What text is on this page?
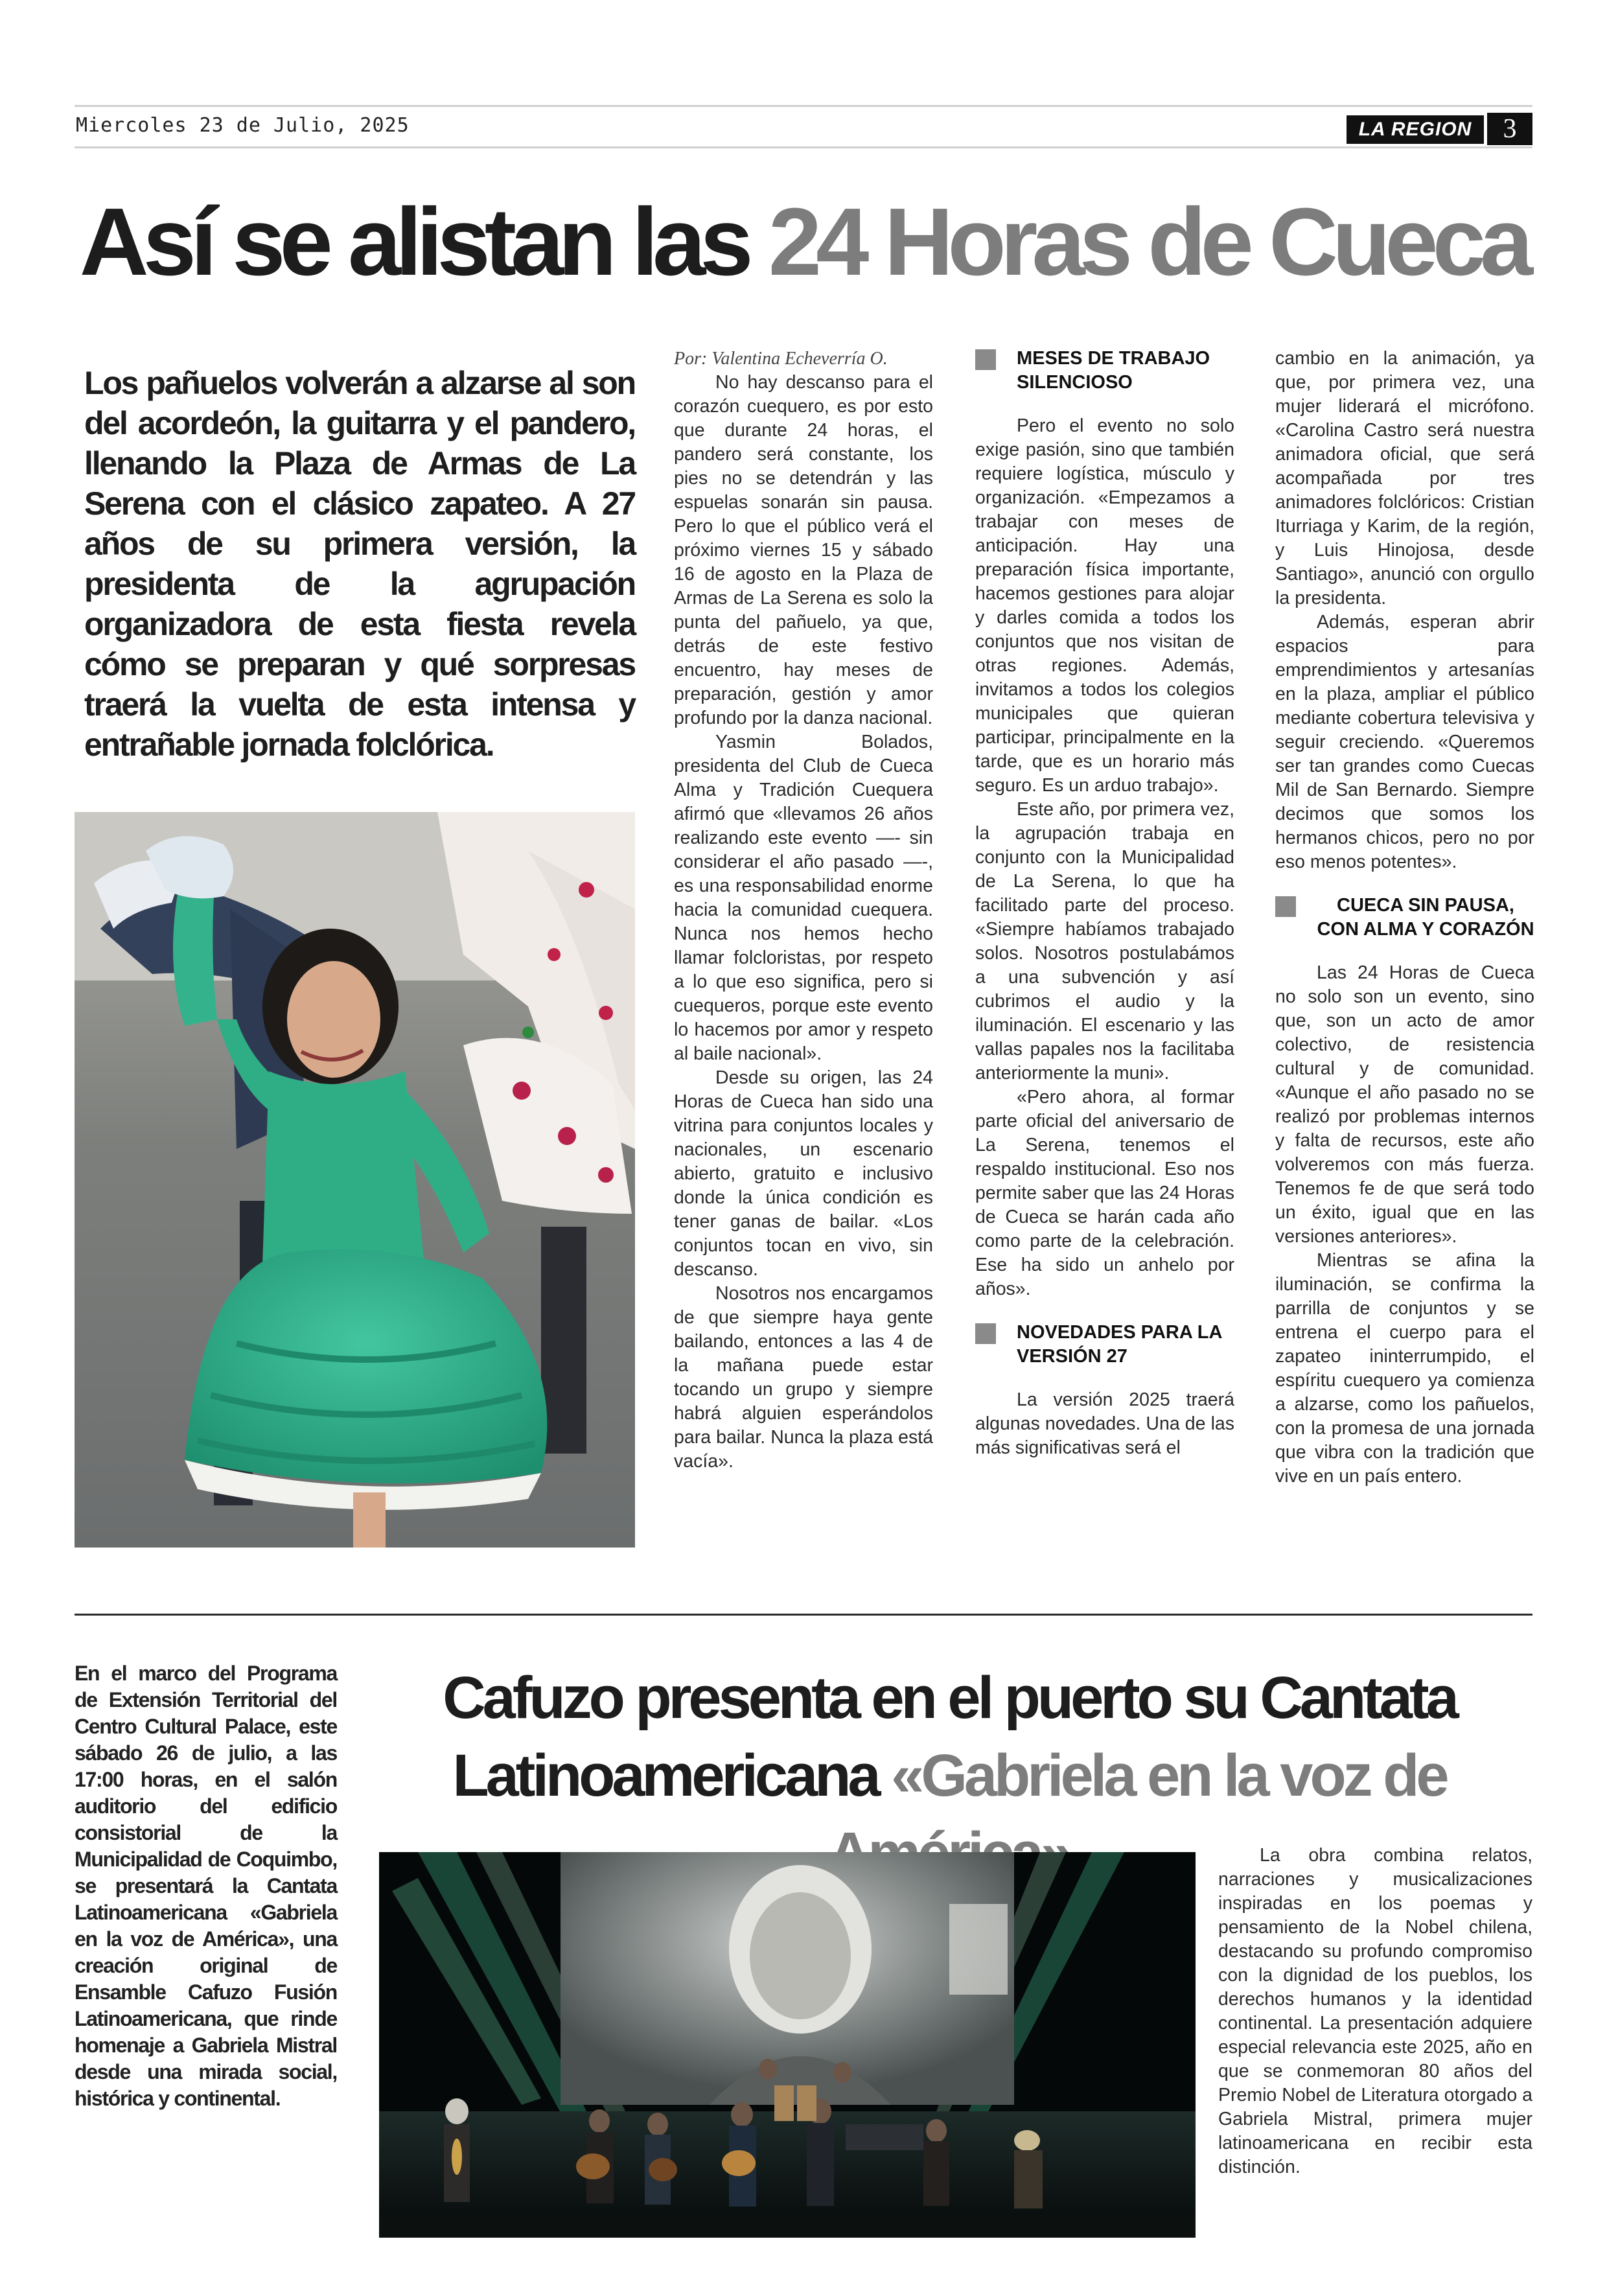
Miercoles 23 de Julio, 2025	LA REGION	3
Así se alistan las 24 Horas de Cueca
Los pañuelos volverán a alzarse al son del acordeón, la guitarra y el pandero, llenando la Plaza de Armas de La Serena con el clásico zapateo. A 27 años de su primera versión, la presidenta de la agrupación organizadora de esta fiesta revela cómo se preparan y qué sorpresas traerá la vuelta de esta intensa y entrañable jornada folclórica.

Por: Valentina Echeverría O.

No hay descanso para el corazón cuequero, es por esto que durante 24 horas, el pandero será constante, los pies no se detendrán y las espuelas sonarán sin pausa. Pero lo que el público verá el próximo viernes 15 y sábado 16 de agosto en la Plaza de Armas de La Serena es solo la punta del pañuelo, ya que, detrás de este festivo encuentro, hay meses de preparación, gestión y amor profundo por la danza nacional.

Yasmin Bolados, presidenta del Club de Cueca Alma y Tradición Cuequera afirmó que «llevamos 26 años realizando este evento —- sin considerar el año pasado —-, es una responsabilidad enorme hacia la comunidad cuequera. Nunca nos hemos hecho llamar folcloristas, por respeto a lo que eso significa, pero si cuequeros, porque este evento lo hacemos por amor y respeto al baile nacional».

Desde su origen, las 24 Horas de Cueca han sido una vitrina para conjuntos locales y nacionales, un escenario abierto, gratuito e inclusivo donde la única condición es tener ganas de bailar. «Los conjuntos tocan en vivo, sin descanso.

Nosotros nos encargamos de que siempre haya gente bailando, entonces a las 4 de la mañana puede estar tocando un grupo y siempre habrá alguien esperándolos para bailar. Nunca la plaza está vacía».

MESES DE TRABAJO SILENCIOSO

Pero el evento no solo exige pasión, sino que también requiere logística, músculo y organización. «Empezamos a trabajar con meses de anticipación. Hay una preparación física importante, hacemos gestiones para alojar y darles comida a todos los conjuntos que nos visitan de otras regiones. Además, invitamos a todos los colegios municipales que quieran participar, principalmente en la tarde, que es un horario más seguro. Es un arduo trabajo».

Este año, por primera vez, la agrupación trabaja en conjunto con la Municipalidad de La Serena, lo que ha facilitado parte del proceso. «Siempre habíamos trabajado solos. Nosotros postulabámos a una subvención y así cubrimos el audio y la iluminación. El escenario y las vallas papales nos la facilitaba anteriormente la muni».

«Pero ahora, al formar parte oficial del aniversario de La Serena, tenemos el respaldo institucional. Eso nos permite saber que las 24 Horas de Cueca se harán cada año como parte de la celebración. Ese ha sido un anhelo por años».

NOVEDADES PARA LA VERSIÓN 27

La versión 2025 traerá algunas novedades. Una de las más significativas será el

cambio en la animación, ya que, por primera vez, una mujer liderará el micrófono. «Carolina Castro será nuestra animadora oficial, que será acompañada por tres animadores folclóricos: Cristian Iturriaga y Karim, de la región, y Luis Hinojosa, desde Santiago», anunció con orgullo la presidenta.

Además, esperan abrir espacios para emprendimientos y artesanías en la plaza, ampliar el público mediante cobertura televisiva y seguir creciendo. «Queremos ser tan grandes como Cuecas Mil de San Bernardo. Siempre decimos que somos los hermanos chicos, pero no por eso menos potentes».

CUECA SIN PAUSA, CON ALMA Y CORAZÓN

Las 24 Horas de Cueca no solo son un evento, sino que, son un acto de amor colectivo, de resistencia cultural y de comunidad. «Aunque el año pasado no se realizó por problemas internos y falta de recursos, este año volveremos con más fuerza. Tenemos fe de que será todo un éxito, igual que en las versiones anteriores».

Mientras se afina la iluminación, se confirma la parrilla de conjuntos y se entrena el cuerpo para el zapateo ininterrumpido, el espíritu cuequero ya comienza a alzarse, como los pañuelos, con la promesa de una jornada que vibra con la tradición que vive en un país entero.

En el marco del Programa de Extensión Territorial del Centro Cultural Palace, este sábado 26 de julio, a las 17:00 horas, en el salón auditorio del edificio consistorial de la Municipalidad de Coquimbo, se presentará la Cantata Latinoamericana «Gabriela en la voz de América», una creación original de Ensamble Cafuzo Fusión Latinoamericana, que rinde homenaje a Gabriela Mistral desde una mirada social, histórica y continental.
Cafuzo presenta en el puerto su Cantata
Latinoamericana «Gabriela en la voz de

La obra combina relatos, narraciones y musicalizaciones inspiradas en los poemas y pensamiento de la Nobel chilena, destacando su profundo compromiso con la dignidad de los pueblos, los derechos humanos y la identidad continental. La presentación adquiere especial relevancia este 2025, año en que se conmemoran 80 años del Premio Nobel de Literatura otorgado a Gabriela Mistral, primera mujer latinoamericana en recibir esta distinción.
